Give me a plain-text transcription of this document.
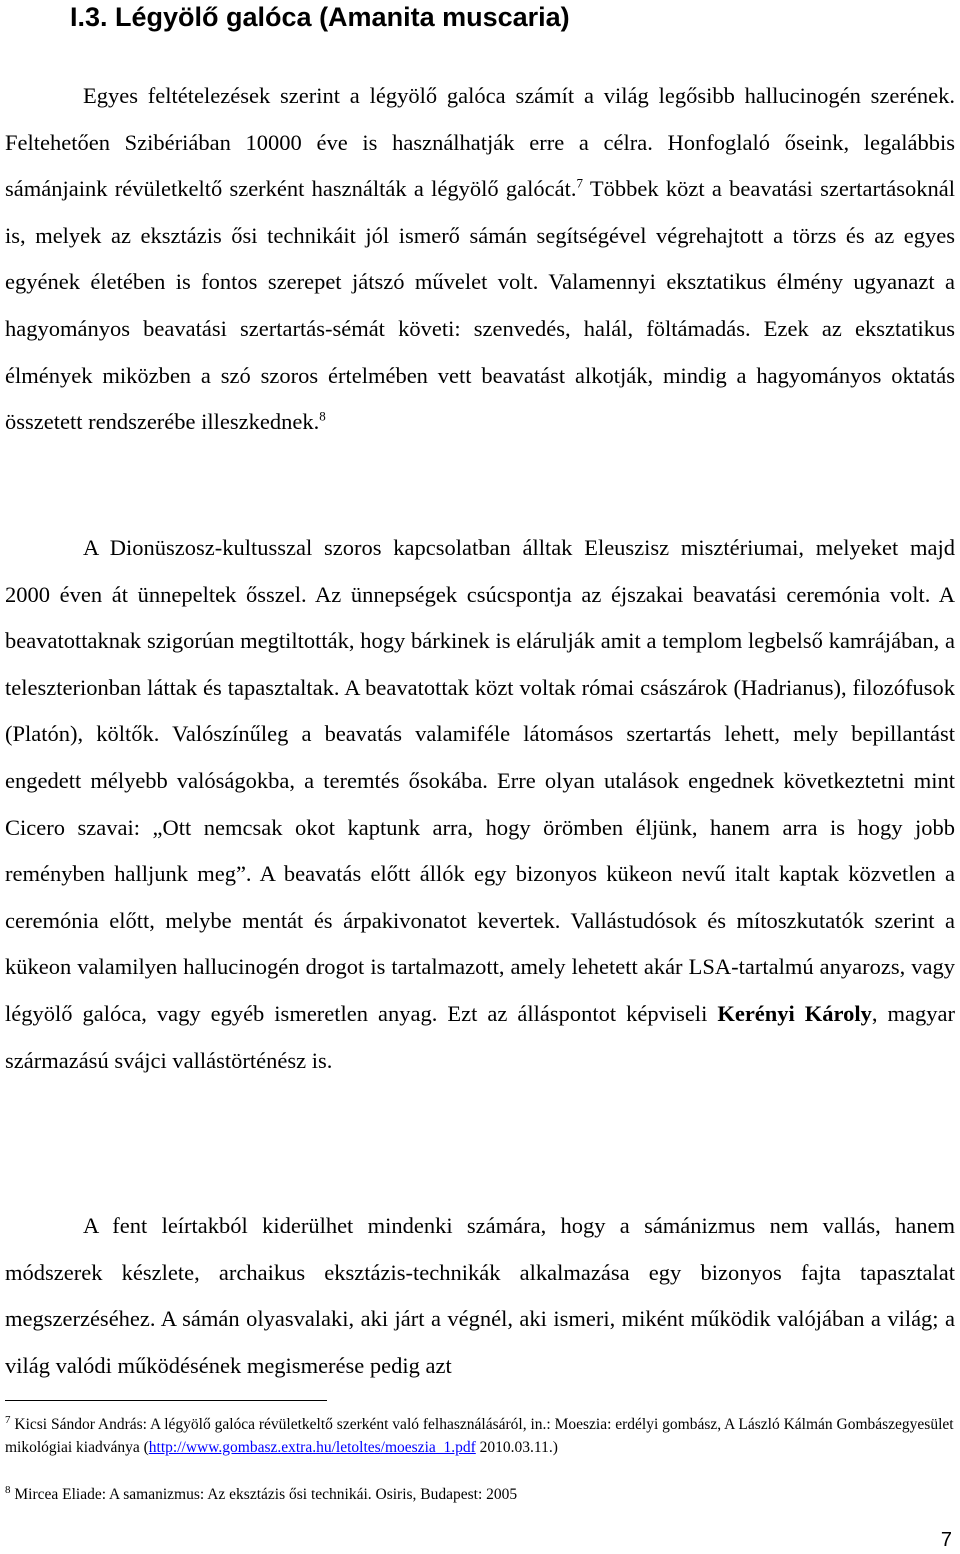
I.3. Légyölő galóca (Amanita muscaria)

Egyes feltételezések szerint a légyölő galóca számít a világ legősibb hallucinogén szerének. Feltehetően Szibériában 10000 éve is használhatják erre a célra. Honfoglaló őseink, legalábbis sámánjaink révületkeltő szerként használták a légyölő galócát.$^7$ Többek közt a beavatási szertartásoknál is, melyek az eksztázis ősi technikáit jól ismerő sámán segítségével végrehajtott a törzs és az egyes egyének életében is fontos szerepet játszó művelet volt. Valamennyi eksztatikus élmény ugyanazt a hagyományos beavatási szertartás-sémát követi: szenvedés, halál, föltámadás. Ezek az eksztatikus élmények miközben a szó szoros értelmében vett beavatást alkotják, mindig a hagyományos oktatás összetett rendszerébe illeszkednek.$^8$

A Dionüszosz-kultusszal szoros kapcsolatban álltak Eleuszisz misztériumai, melyeket majd 2000 éven át ünnepeltek ősszel. Az ünnepségek csúcspontja az éjszakai beavatási ceremónia volt. A beavatottaknak szigorúan megtiltották, hogy bárkinek is elárulják amit a templom legbelső kamrájában, a teleszterionban láttak és tapasztaltak. A beavatottak közt voltak római császárok (Hadrianus), filozófusok (Platón), költők. Valószínűleg a beavatás valamiféle látomásos szertartás lehett, mely bepillantást engedett mélyebb valóságokba, a teremtés ősokába. Erre olyan utalások engednek következtetni mint Cicero szavai: „Ott nemcsak okot kaptunk arra, hogy örömben éljünk, hanem arra is hogy jobb reményben halljunk meg”. A beavatás előtt állók egy bizonyos kükeon nevű italt kaptak közvetlen a ceremónia előtt, melybe mentát és árpakivonatot kevertek. Vallástudósok és mítoszkutatók szerint a kükeon valamilyen hallucinogén drogot is tartalmazott, amely lehetett akár LSA-tartalmú anyarozs, vagy légyölő galóca, vagy egyéb ismeretlen anyag. Ezt az álláspontot képviseli Kerényi Károly, magyar származású svájci vallástörténész is.

A fent leírtakból kiderülhet mindenki számára, hogy a sámánizmus nem vallás, hanem módszerek készlete, archaikus eksztázis-technikák alkalmazása egy bizonyos fajta tapasztalat megszerzéséhez. A sámán olyasvalaki, aki járt a végnél, aki ismeri, miként működik valójában a világ; a világ valódi működésének megismerése pedig azt

$^7$ Kicsi Sándor András: A légyölő galóca révületkeltő szerként való felhasználásáról, in.: Moeszia: erdélyi gombász, A László Kálmán Gombászegyesület mikológiai kiadványa (http://www.gombasz.extra.hu/letoltes/moeszia_1.pdf 2010.03.11.)

$^8$ Mircea Eliade: A samanizmus: Az eksztázis ősi technikái. Osiris, Budapest: 2005

7
